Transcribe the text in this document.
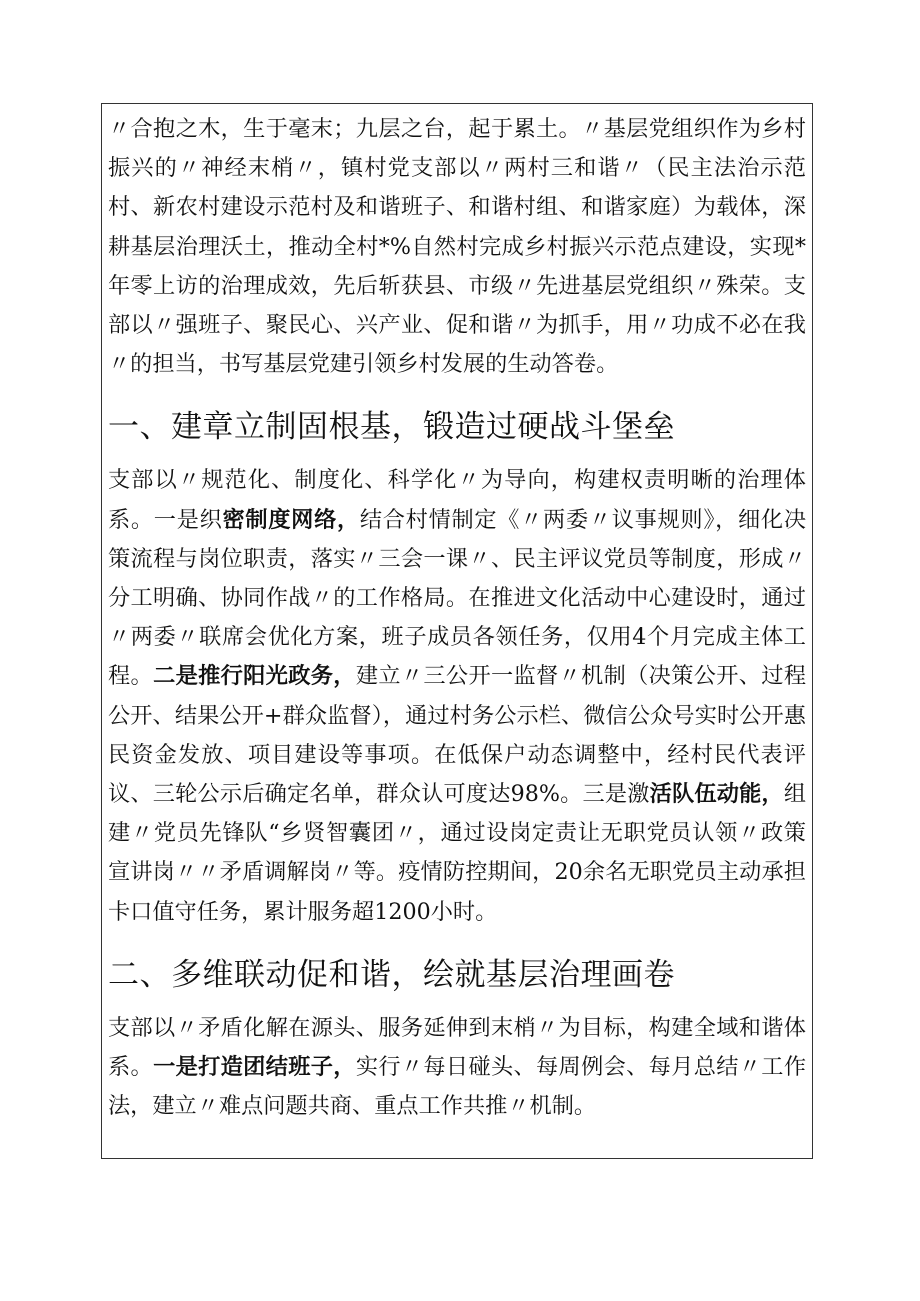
〃合抱之木，生于毫末；九层之台，起于累土。〃基层党组织作为乡村振兴的〃神经末梢〃，镇村党支部以〃两村三和谐〃（民主法治示范村、新农村建设示范村及和谐班子、和谐村组、和谐家庭）为载体，深耕基层治理沃土，推动全村*%自然村完成乡村振兴示范点建设，实现*年零上访的治理成效，先后斩获县、市级〃先进基层党组织〃殊荣。支部以〃强班子、聚民心、兴产业、促和谐〃为抓手，用〃功成不必在我〃的担当，书写基层党建引领乡村发展的生动答卷。

一、建章立制固根基，锻造过硬战斗堡垒

支部以〃规范化、制度化、科学化〃为导向，构建权责明晰的治理体系。一是织密制度网络，结合村情制定《〃两委〃议事规则》，细化决策流程与岗位职责，落实〃三会一课〃、民主评议党员等制度，形成〃分工明确、协同作战〃的工作格局。在推进文化活动中心建设时，通过〃两委〃联席会优化方案，班子成员各领任务，仅用4个月完成主体工程。二是推行阳光政务，建立〃三公开一监督〃机制（决策公开、过程公开、结果公开+群众监督），通过村务公示栏、微信公众号实时公开惠民资金发放、项目建设等事项。在低保户动态调整中，经村民代表评议、三轮公示后确定名单，群众认可度达98%。三是激活队伍动能，组建〃党员先锋队“乡贤智囊团〃，通过设岗定责让无职党员认领〃政策宣讲岗〃〃矛盾调解岗〃等。疫情防控期间，20余名无职党员主动承担卡口值守任务，累计服务超1200小时。

二、多维联动促和谐，绘就基层治理画卷

支部以〃矛盾化解在源头、服务延伸到末梢〃为目标，构建全域和谐体系。一是打造团结班子，实行〃每日碰头、每周例会、每月总结〃工作法，建立〃难点问题共商、重点工作共推〃机制。
